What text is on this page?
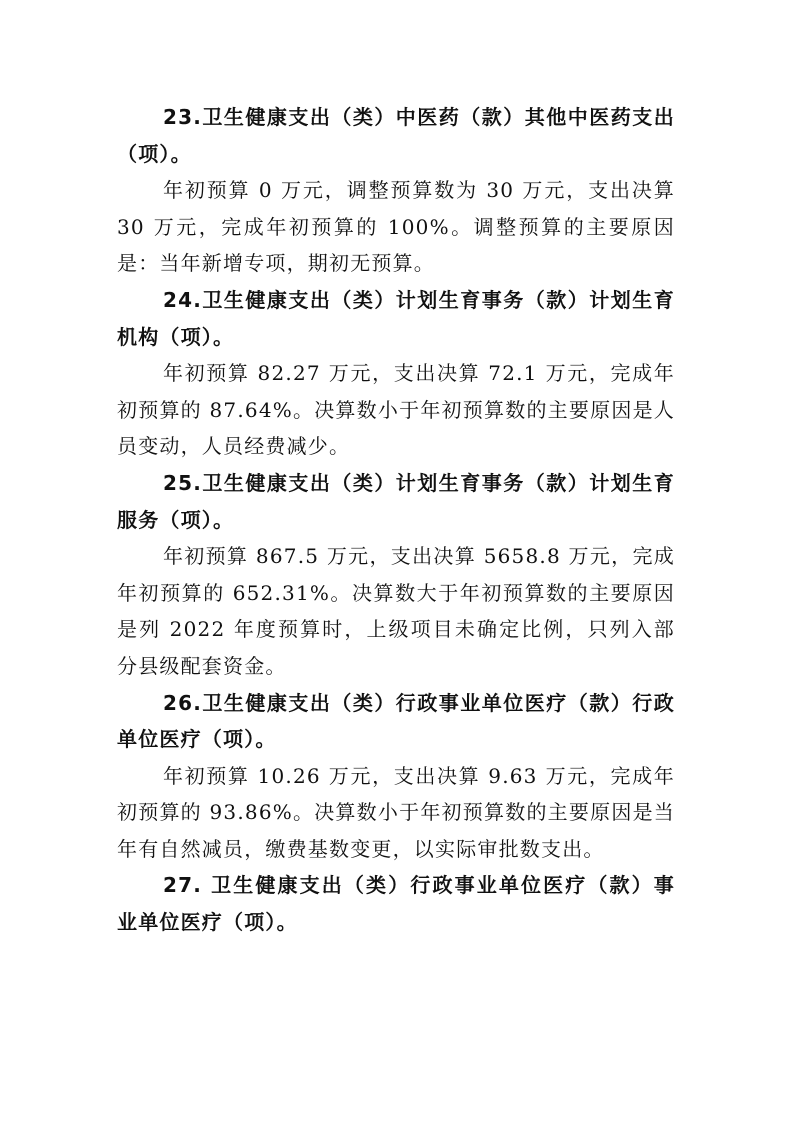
23.卫生健康支出（类）中医药（款）其他中医药支出（项）。

年初预算 0 万元，调整预算数为 30 万元，支出决算 30 万元，完成年初预算的 100%。调整预算的主要原因是：当年新增专项，期初无预算。

24.卫生健康支出（类）计划生育事务（款）计划生育机构（项）。

年初预算 82.27 万元，支出决算 72.1 万元，完成年初预算的 87.64%。决算数小于年初预算数的主要原因是人员变动，人员经费减少。

25.卫生健康支出（类）计划生育事务（款）计划生育服务（项）。

年初预算 867.5 万元，支出决算 5658.8 万元，完成年初预算的 652.31%。决算数大于年初预算数的主要原因是列 2022 年度预算时，上级项目未确定比例，只列入部分县级配套资金。

26.卫生健康支出（类）行政事业单位医疗（款）行政单位医疗（项）。

年初预算 10.26 万元，支出决算 9.63 万元，完成年初预算的 93.86%。决算数小于年初预算数的主要原因是当年有自然减员，缴费基数变更，以实际审批数支出。

27. 卫生健康支出（类）行政事业单位医疗（款）事业单位医疗（项）。
